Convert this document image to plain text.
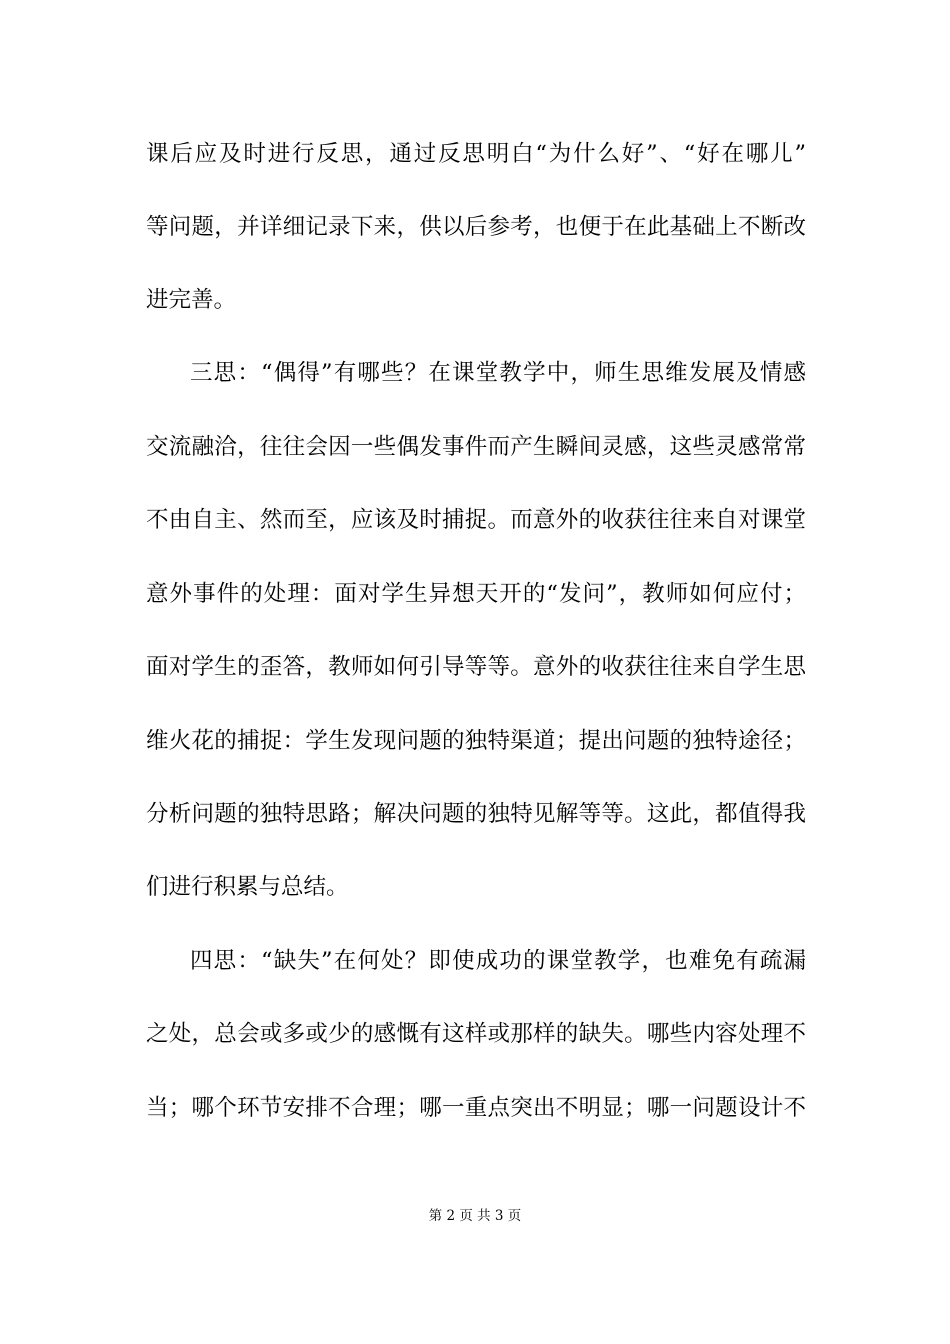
课后应及时进行反思，通过反思明白“为什么好”、“好在哪儿”
等问题，并详细记录下来，供以后参考，也便于在此基础上不断改
进完善。
三思：“偶得”有哪些？在课堂教学中，师生思维发展及情感
交流融洽，往往会因一些偶发事件而产生瞬间灵感，这些灵感常常
不由自主、然而至，应该及时捕捉。而意外的收获往往来自对课堂
意外事件的处理：面对学生异想天开的“发问”，教师如何应付；
面对学生的歪答，教师如何引导等等。意外的收获往往来自学生思
维火花的捕捉：学生发现问题的独特渠道；提出问题的独特途径；
分析问题的独特思路；解决问题的独特见解等等。这此，都值得我
们进行积累与总结。
四思：“缺失”在何处？即使成功的课堂教学，也难免有疏漏
之处，总会或多或少的感慨有这样或那样的缺失。哪些内容处理不
当；哪个环节安排不合理；哪一重点突出不明显；哪一问题设计不
第 2 页 共 3 页
